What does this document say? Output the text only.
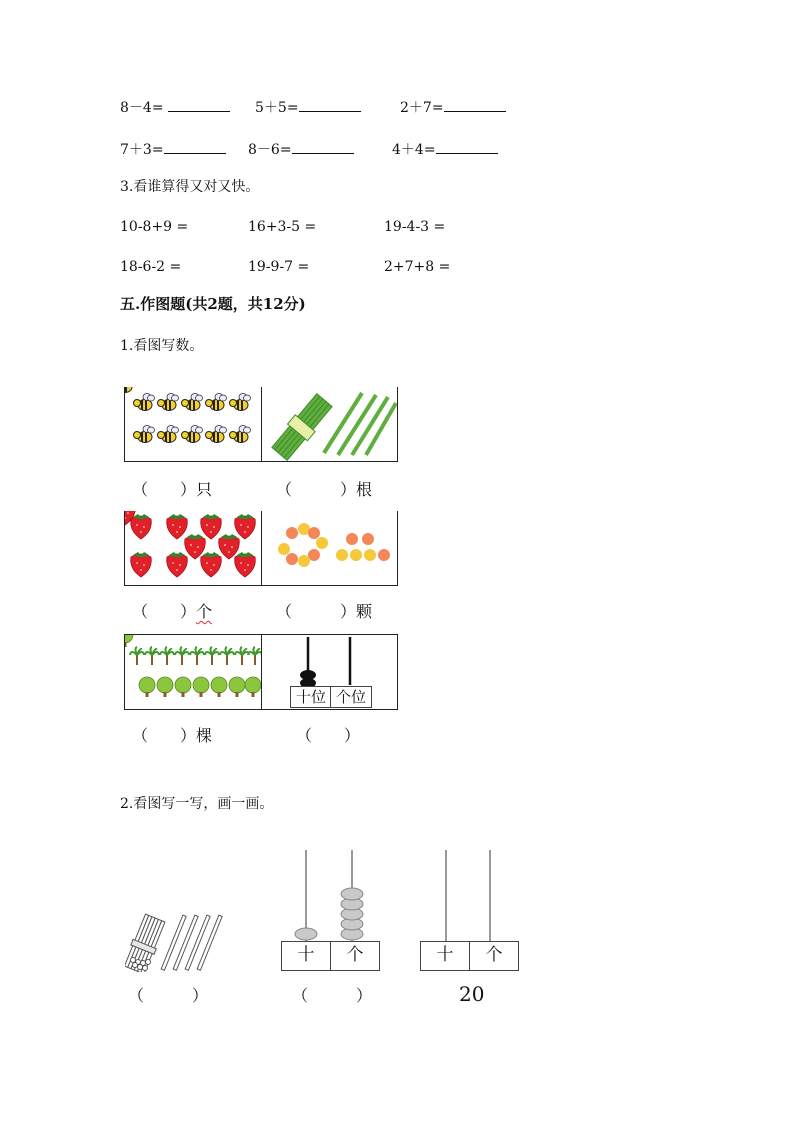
8－4=	5＋5=	2＋7=
7＋3=	8－6=	4＋4=
3.看谁算得又对又快。
10-8+9 =	16+3-5 =	19-4-3 =
18-6-2 =	19-9-7 =	2+7+8 =
五.作图题(共2题，共12分)
1.看图写数。
（　　）只	（　　　）根
（　　）个	（　　　）颗
十位 个位
（　　）棵	（　　）
2.看图写一写，画一画。
（　　　）
十	个
（　　　）
十	个
20
